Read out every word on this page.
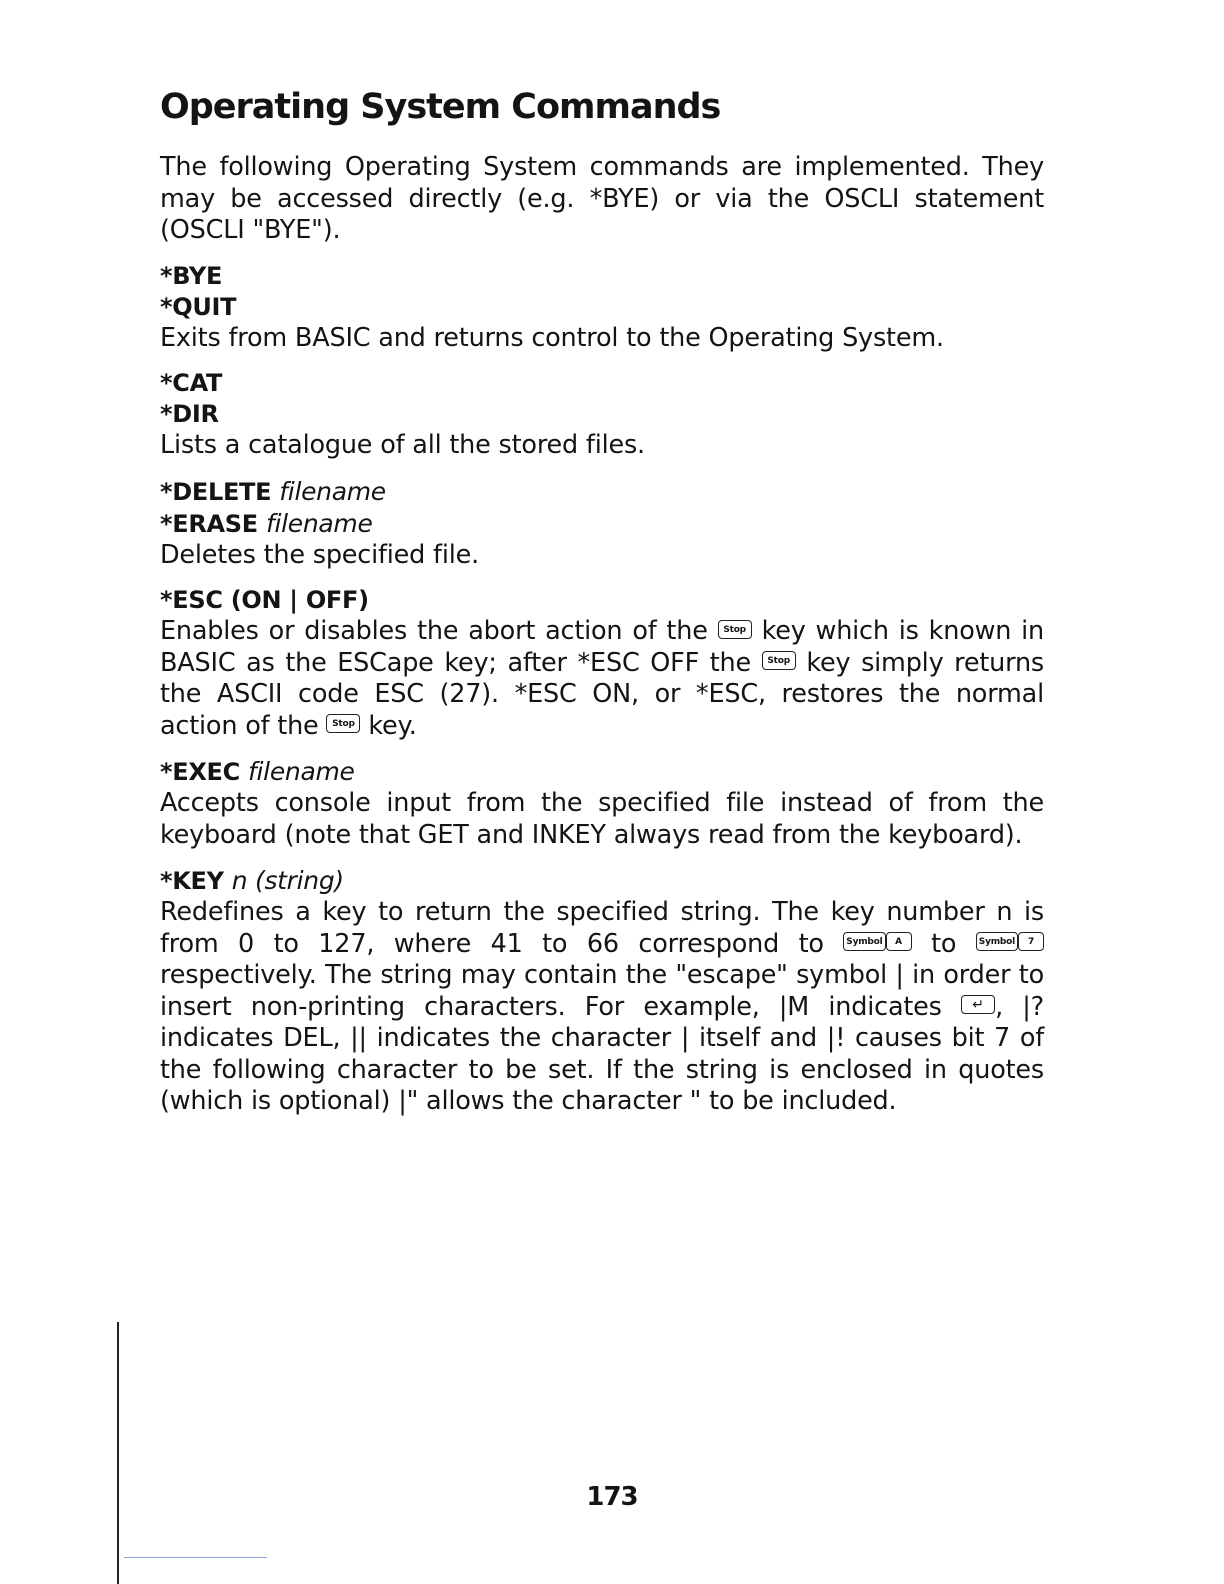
Operating System Commands

The following Operating System commands are implemented. They may be accessed directly (e.g. *BYE) or via the OSCLI statement (OSCLI "BYE").

*BYE
*QUIT

Exits from BASIC and returns control to the Operating System.

*CAT
*DIR

Lists a catalogue of all the stored files.

*DELETE filename
*ERASE filename

Deletes the specified file.

*ESC (ON | OFF)

Enables or disables the abort action of the Stop key which is known in BASIC as the ESCape key; after *ESC OFF the Stop key simply returns the ASCII code ESC (27). *ESC ON, or *ESC, restores the normal action of the Stop key.

*EXEC filename

Accepts console input from the specified file instead of from the keyboard (note that GET and INKEY always read from the keyboard).

*KEY n (string)

Redefines a key to return the specified string. The key number n is from 0 to 127, where 41 to 66 correspond to	Symbol A to	Symbol 7 respectively. The string may contain the "escape" symbol | in order to insert non-printing characters. For example, |M indicates ↵ , |? indicates DEL, || indicates the character | itself and |! causes bit 7 of the following character to be set. If the string is enclosed in quotes (which is optional) |" allows the character " to be included.

173
